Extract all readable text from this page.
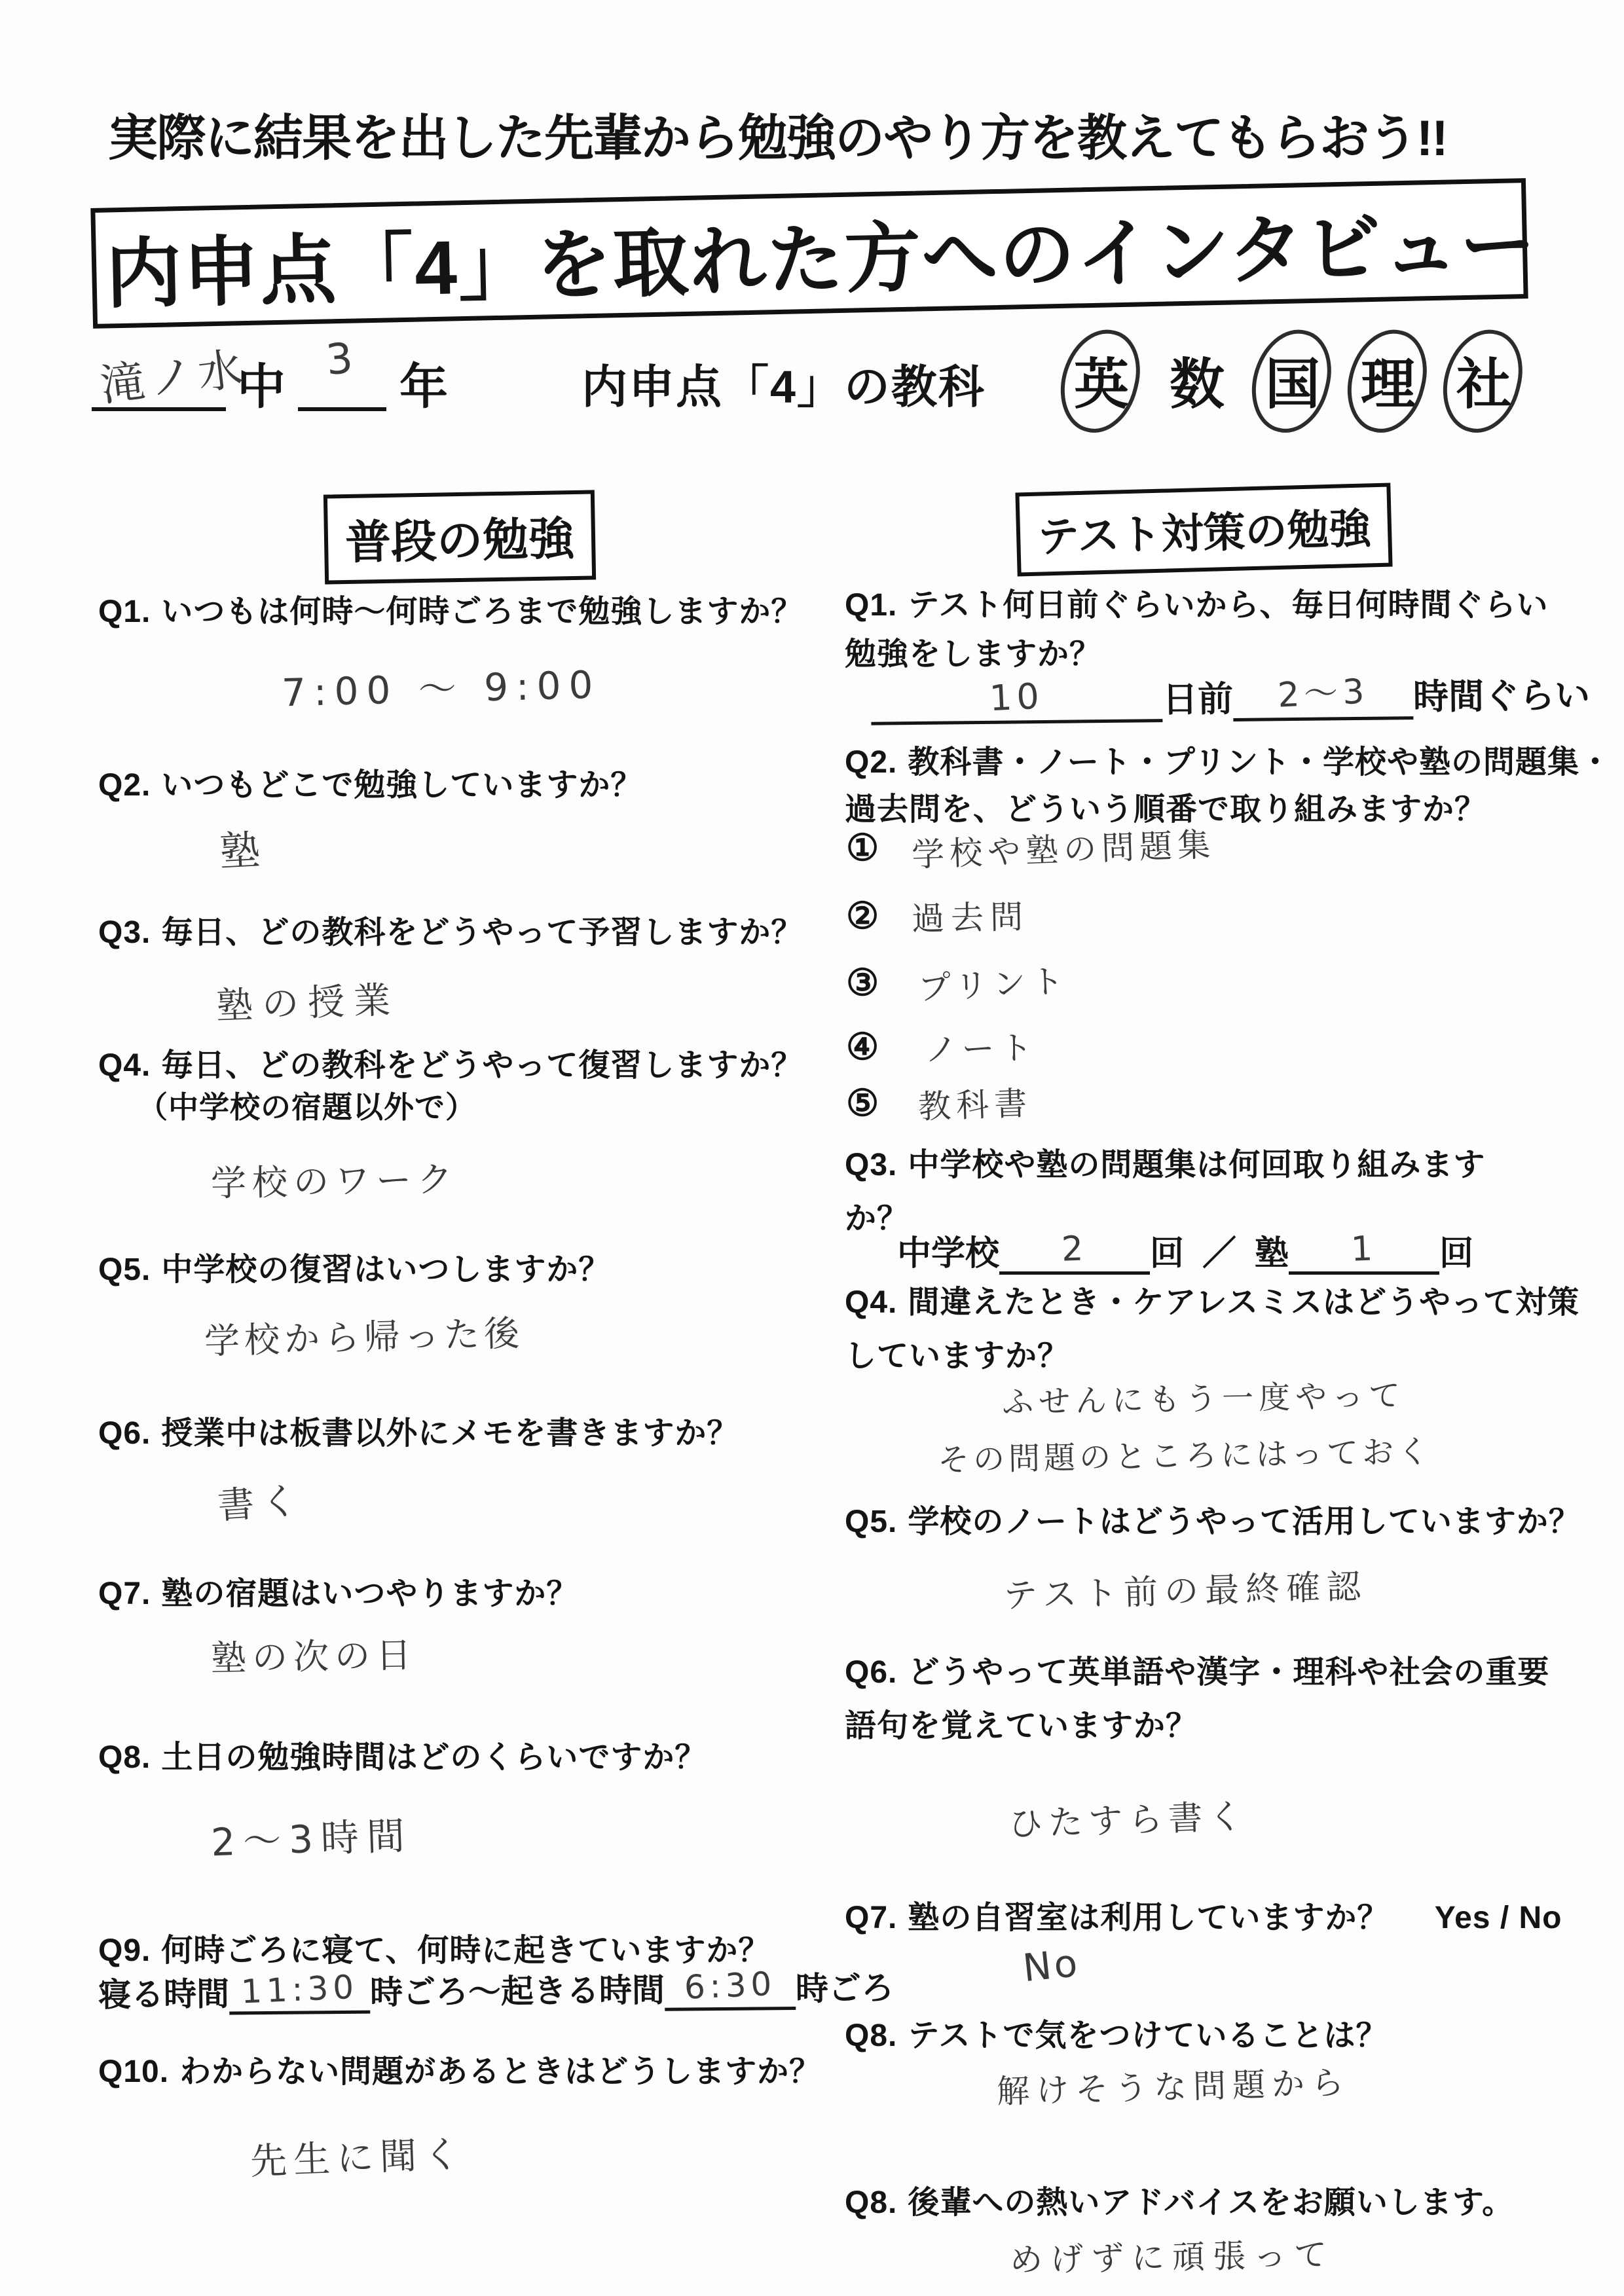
実際に結果を出した先輩から勉強のやり方を教えてもらおう!!
内申点「4」を取れた方へのインタビュー
滝ノ水
中
3
年	内申点「4」の教科 英 数 国 理 社
普段の勉強
Q1. いつもは何時～何時ごろまで勉強しますか？
7:00 ～ 9:00
Q2. いつもどこで勉強していますか？
塾
Q3. 毎日、どの教科をどうやって予習しますか？
塾の授業
Q4. 毎日、どの教科をどうやって復習しますか？
（中学校の宿題以外で）
学校のワーク
Q5. 中学校の復習はいつしますか？
学校から帰った後
Q6. 授業中は板書以外にメモを書きますか？
書く
Q7. 塾の宿題はいつやりますか？
塾の次の日
Q8. 土日の勉強時間はどのくらいですか？
2～3時間
Q9. 何時ごろに寝て、何時に起きていますか？
寝る時間 11:30 時ごろ～起きる時間 6:30 時ごろ
Q10. わからない問題があるときはどうしますか？
先生に聞く
テスト対策の勉強
Q1. テスト何日前ぐらいから、毎日何時間ぐらい
勉強をしますか？
10	日前	2～3	時間ぐらい
Q2. 教科書・ノート・プリント・学校や塾の問題集・
過去問を、どういう順番で取り組みますか？
① 学校や塾の問題集
② 過去問
③ プリント
④ ノート
⑤ 教科書
Q3. 中学校や塾の問題集は何回取り組みます
か？
中学校	2	回 ／ 塾	1	回
Q4. 間違えたとき・ケアレスミスはどうやって対策
していますか？
ふせんにもう一度やって
その問題のところにはっておく
Q5. 学校のノートはどうやって活用していますか？
テスト前の最終確認
Q6. どうやって英単語や漢字・理科や社会の重要
語句を覚えていますか？
ひたすら書く
Q7. 塾の自習室は利用していますか？ Yes / No
No
Q8. テストで気をつけていることは？
解けそうな問題から
Q8. 後輩への熱いアドバイスをお願いします。
めげずに頑張って
